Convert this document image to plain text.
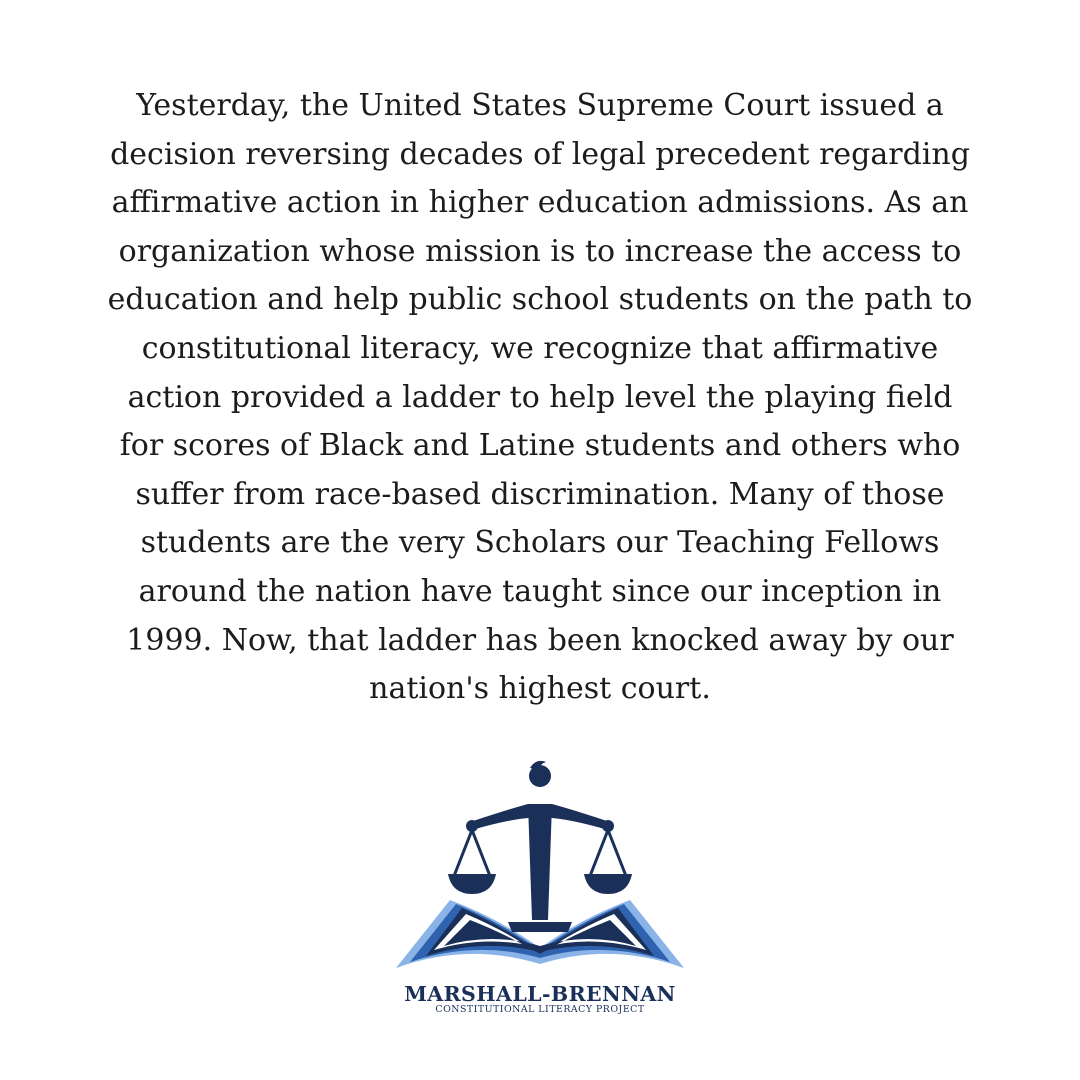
Yesterday, the United States Supreme Court issued a
decision reversing decades of legal precedent regarding
affirmative action in higher education admissions. As an
organization whose mission is to increase the access to
education and help public school students on the path to
constitutional literacy, we recognize that affirmative
action provided a ladder to help level the playing field
for scores of Black and Latine students and others who
suffer from race-based discrimination. Many of those
students are the very Scholars our Teaching Fellows
around the nation have taught since our inception in
1999. Now, that ladder has been knocked away by our
nation's highest court.

MARSHALL-BRENNAN
CONSTITUTIONAL LITERACY PROJECT
